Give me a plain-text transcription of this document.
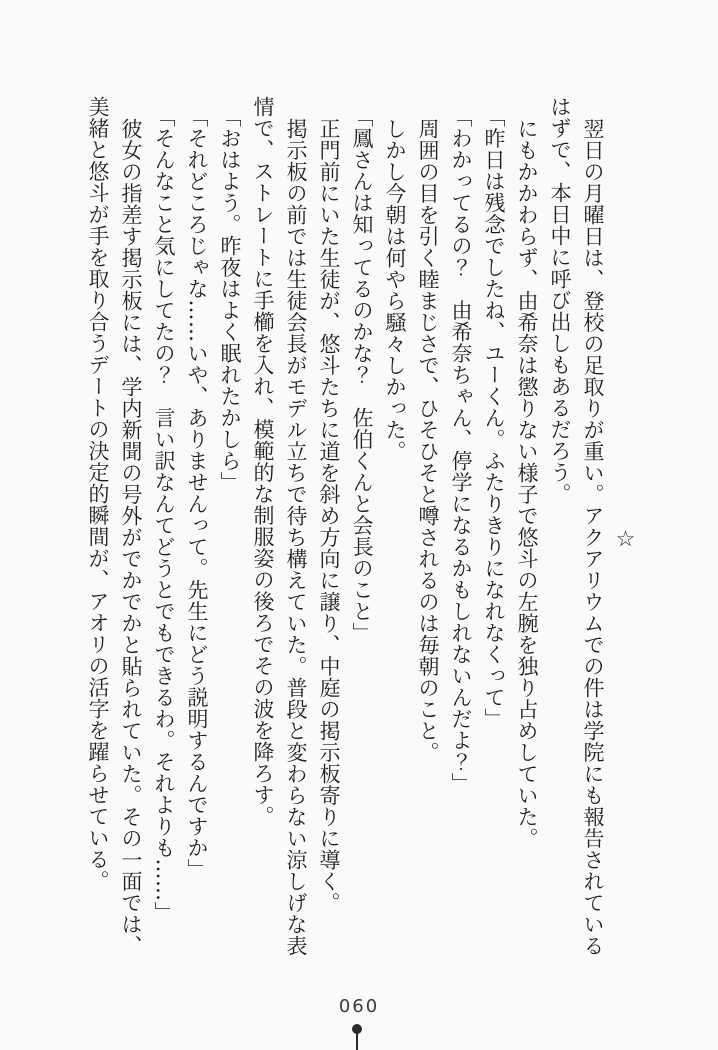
☆

翌日の月曜日は、登校の足取りが重い。アクアリウムでの件は学院にも報告されている

はずで、本日中に呼び出しもあるだろう。

にもかかわらず、由希奈は懲りない様子で悠斗の左腕を独り占めしていた。

「昨日は残念でしたね、ユーくん。ふたりきりになれなくって」

「わかってるの？　由希奈ちゃん、停学になるかもしれないんだよ？」

周囲の目を引く睦まじさで、ひそひそと噂されるのは毎朝のこと。

しかし今朝は何やら騒々しかった。

「鳳さんは知ってるのかな？　佐伯くんと会長のこと」

正門前にいた生徒が、悠斗たちに道を斜め方向に譲り、中庭の掲示板寄りに導く。

掲示板の前では生徒会長がモデル立ちで待ち構えていた。普段と変わらない涼しげな表

情で、ストレートに手櫛を入れ、模範的な制服姿の後ろでその波を降ろす。

「おはよう。昨夜はよく眠れたかしら」

「それどころじゃな……いや、ありませんって。先生にどう説明するんですか」

「そんなこと気にしてたの？　言い訳なんてどうとでもできるわ。それよりも……」

彼女の指差す掲示板には、学内新聞の号外がでかでかと貼られていた。その一面では、

美緒と悠斗が手を取り合うデートの決定的瞬間が、アオリの活字を躍らせている。

060
